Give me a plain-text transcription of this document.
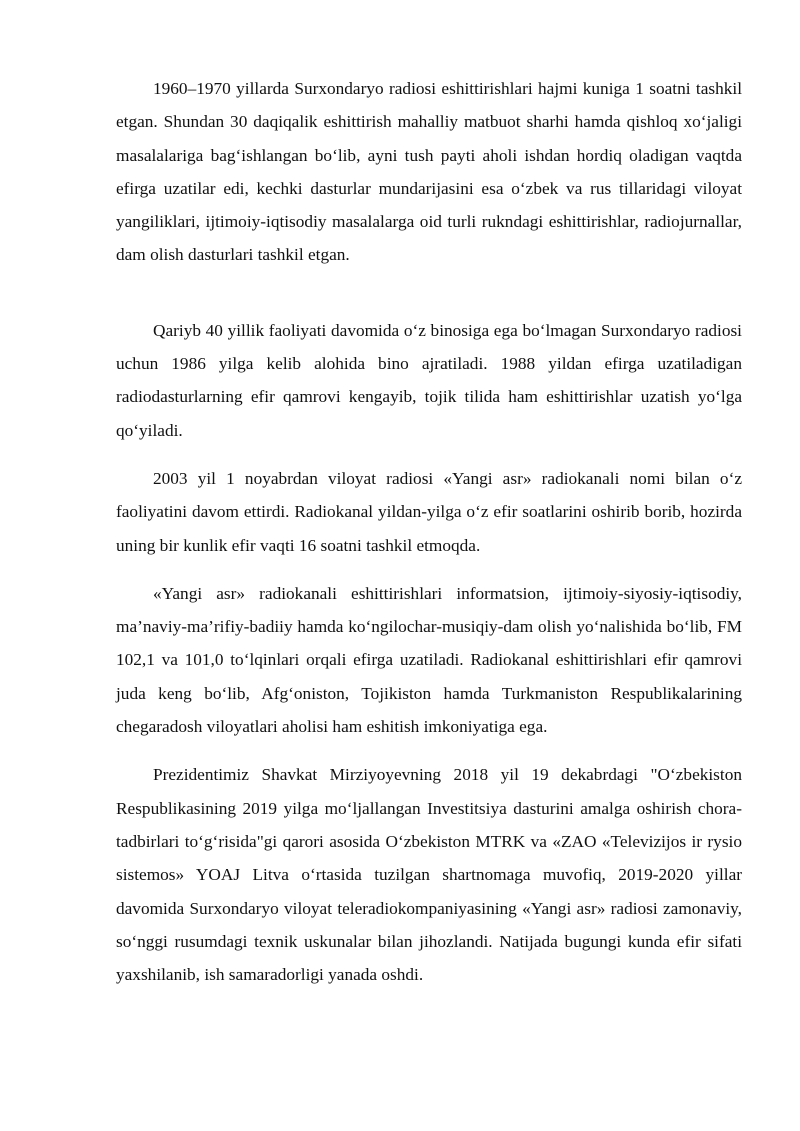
1960–1970 yillarda Surxondaryo radiosi eshittirishlari hajmi kuniga 1 soatni tashkil etgan. Shundan 30 daqiqalik eshittirish mahalliy matbuot sharhi hamda qishloq xo‘jaligi masalalariga bag‘ishlangan bo‘lib, ayni tush payti aholi ishdan hordiq oladigan vaqtda efirga uzatilar edi, kechki dasturlar mundarijasini esa o‘zbek va rus tillaridagi viloyat yangiliklari, ijtimoiy-iqtisodiy masalalarga oid turli rukndagi eshittirishlar, radiojurnallar, dam olish dasturlari tashkil etgan.

Qariyb 40 yillik faoliyati davomida o‘z binosiga ega bo‘lmagan Surxondaryo radiosi uchun 1986 yilga kelib alohida bino ajratiladi. 1988 yildan efirga uzatiladigan radiodasturlarning efir qamrovi kengayib, tojik tilida ham eshittirishlar uzatish yo‘lga qo‘yiladi.

2003 yil 1 noyabrdan viloyat radiosi «Yangi asr» radiokanali nomi bilan o‘z faoliyatini davom ettirdi. Radiokanal yildan-yilga o‘z efir soatlarini oshirib borib, hozirda uning bir kunlik efir vaqti 16 soatni tashkil etmoqda.

«Yangi asr» radiokanali eshittirishlari informatsion, ijtimoiy-siyosiy-iqtisodiy, ma’naviy-ma’rifiy-badiiy hamda ko‘ngilochar-musiqiy-dam olish yo‘nalishida bo‘lib, FM 102,1 va 101,0 to‘lqinlari orqali efirga uzatiladi. Radiokanal eshittirishlari efir qamrovi juda keng bo‘lib, Afg‘oniston, Tojikiston hamda Turkmaniston Respublikalarining chegaradosh viloyatlari aholisi ham eshitish imkoniyatiga ega.

Prezidentimiz Shavkat Mirziyoyevning 2018 yil 19 dekabrdagi "O‘zbekiston Respublikasining 2019 yilga mo‘ljallangan Investitsiya dasturini amalga oshirish chora-tadbirlari to‘g‘risida"gi qarori asosida O‘zbekiston MTRK va «ZAO «Televizijos ir rysio sistemos» YOAJ Litva o‘rtasida tuzilgan shartnomaga muvofiq, 2019-2020 yillar davomida Surxondaryo viloyat teleradiokompaniyasining «Yangi asr» radiosi zamonaviy, so‘nggi rusumdagi texnik uskunalar bilan jihozlandi. Natijada bugungi kunda efir sifati yaxshilanib, ish samaradorligi yanada oshdi.
